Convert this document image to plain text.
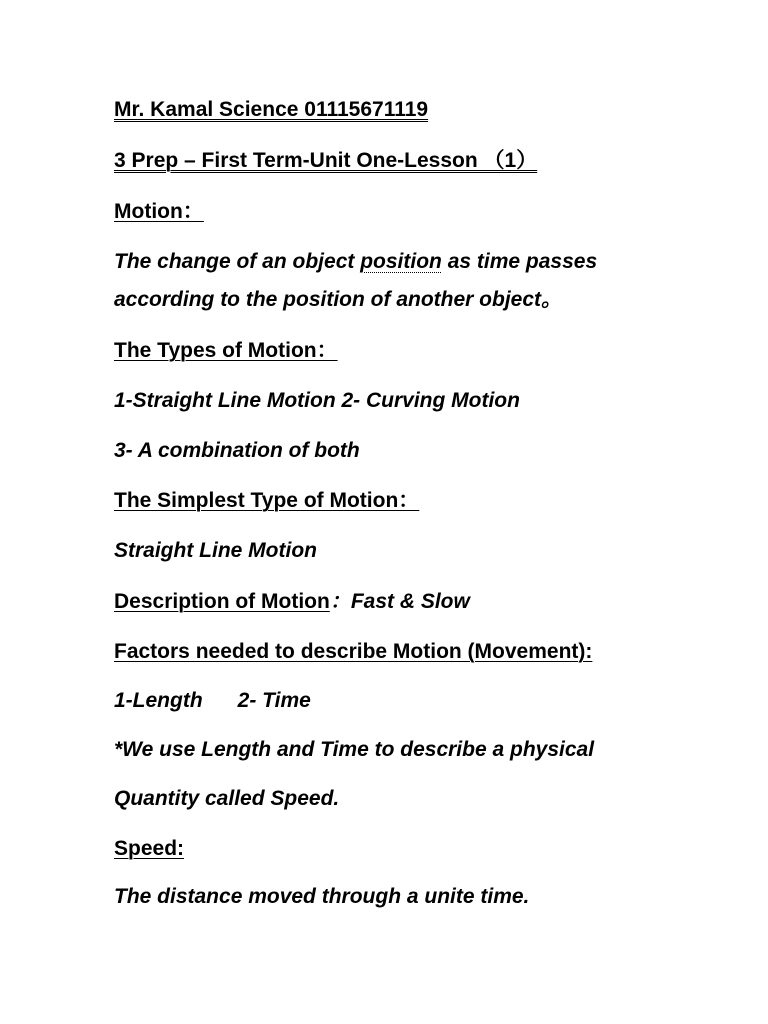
Mr. Kamal Science 01115671119
3 Prep – First Term-Unit One-Lesson （1）
Motion：
The change of an object position as time passes
according to the position of another object。
The Types of Motion：
1-Straight Line Motion 2- Curving Motion
3- A combination of both
The Simplest Type of Motion：
Straight Line Motion
Description of Motion：Fast & Slow
Factors needed to describe Motion (Movement):
1-Length      2- Time
*We use Length and Time to describe a physical
Quantity called Speed.
Speed:
The distance moved through a unite time.
